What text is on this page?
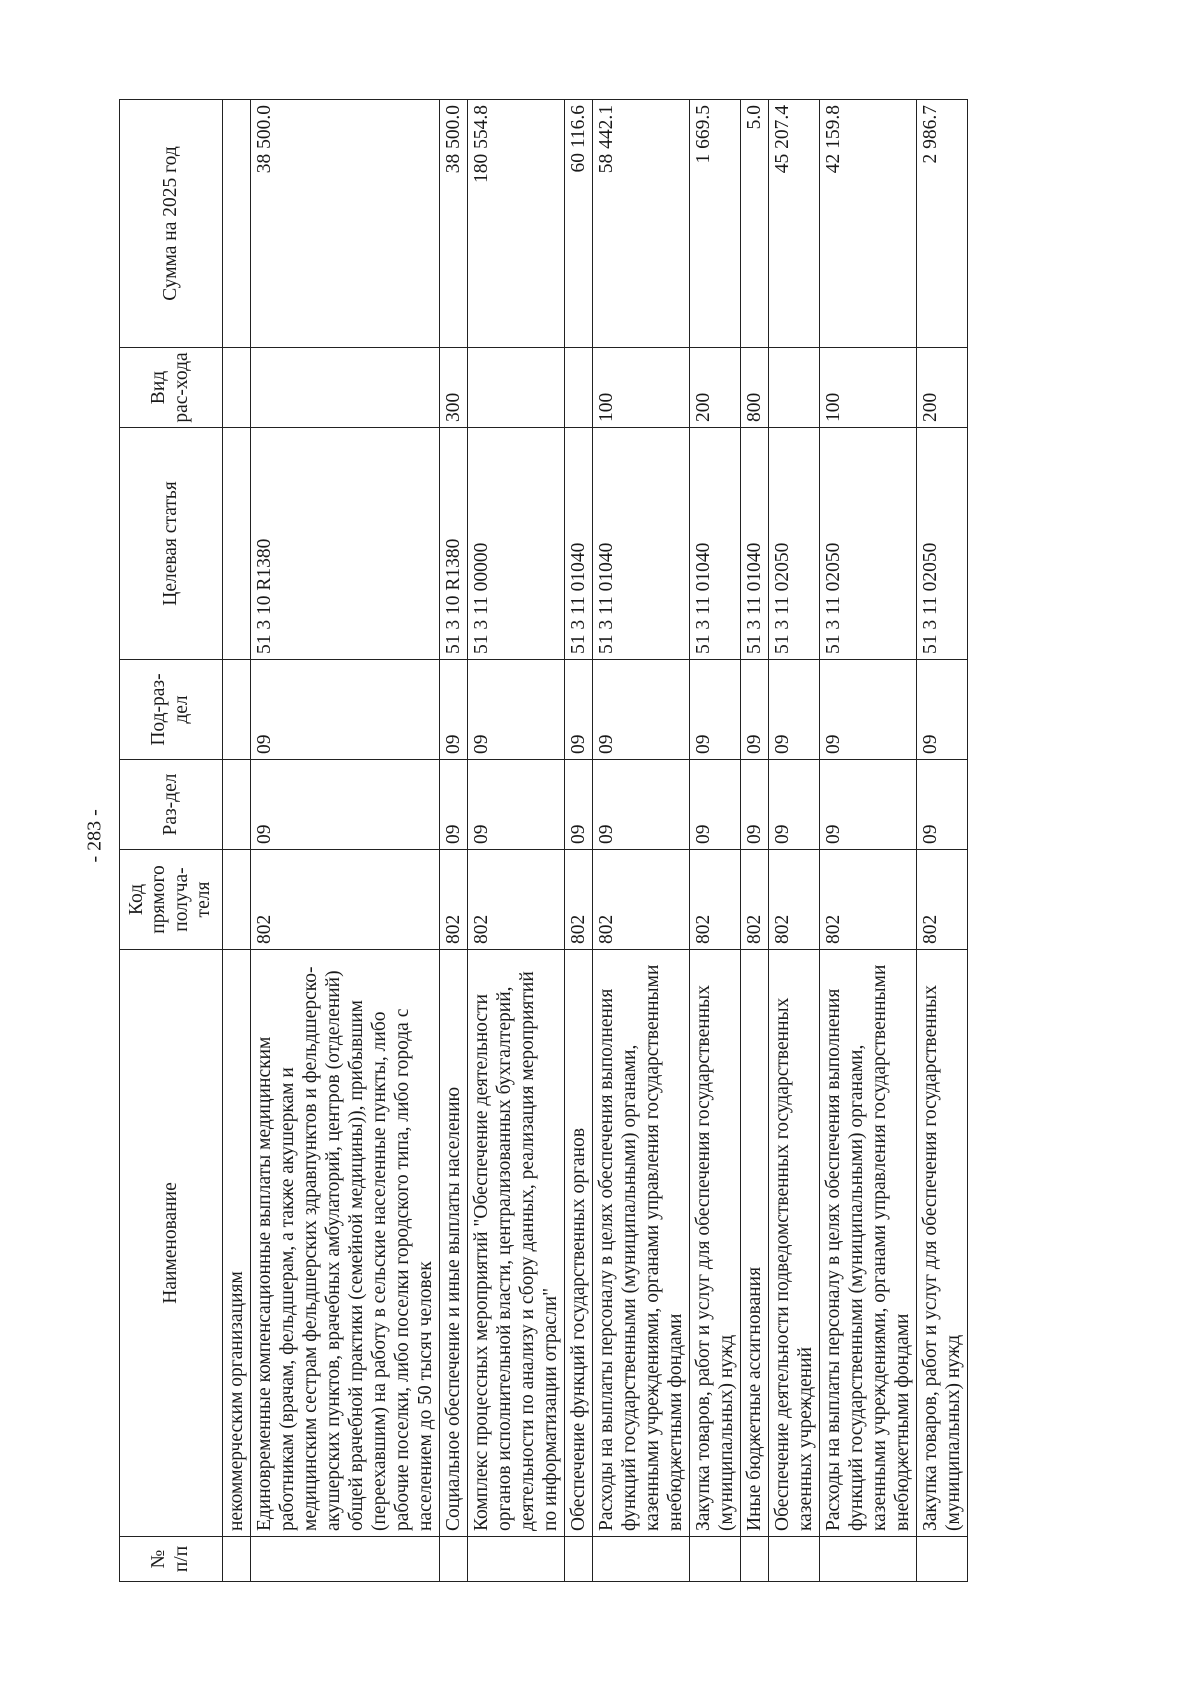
- 283 -
№ п/п	Наименование	Код прямого получа-теля	Раз-дел	Под-раз-дел	Целевая статья	Вид рас-хода	Сумма на 2025 год
	некоммерческим организациям						
	Единовременные компенсационные выплаты медицинским работникам (врачам, фельдшерам, а также акушеркам и медицинским сестрам фельдшерских здравпунктов и фельдшерско-акушерских пунктов, врачебных амбулаторий, центров (отделений) общей врачебной практики (семейной медицины)), прибывшим (переехавшим) на работу в сельские населенные пункты, либо рабочие поселки, либо поселки городского типа, либо города с населением до 50 тысяч человек	802	09	09	51 3 10 R1380		38 500.0
	Социальное обеспечение и иные выплаты населению	802	09	09	51 3 10 R1380	300	38 500.0
	Комплекс процессных мероприятий "Обеспечение деятельности органов исполнительной власти, централизованных бухгалтерий, деятельности по анализу и сбору данных, реализация мероприятий по информатизации отрасли"	802	09	09	51 3 11 00000		180 554.8
	Обеспечение функций государственных органов	802	09	09	51 3 11 01040		60 116.6
	Расходы на выплаты персоналу в целях обеспечения выполнения функций государственными (муниципальными) органами, казенными учреждениями, органами управления государственными внебюджетными фондами	802	09	09	51 3 11 01040	100	58 442.1
	Закупка товаров, работ и услуг для обеспечения государственных (муниципальных) нужд	802	09	09	51 3 11 01040	200	1 669.5
	Иные бюджетные ассигнования	802	09	09	51 3 11 01040	800	5.0
	Обеспечение деятельности подведомственных государственных казенных учреждений	802	09	09	51 3 11 02050		45 207.4
	Расходы на выплаты персоналу в целях обеспечения выполнения функций государственными (муниципальными) органами, казенными учреждениями, органами управления государственными внебюджетными фондами	802	09	09	51 3 11 02050	100	42 159.8
	Закупка товаров, работ и услуг для обеспечения государственных (муниципальных) нужд	802	09	09	51 3 11 02050	200	2 986.7
